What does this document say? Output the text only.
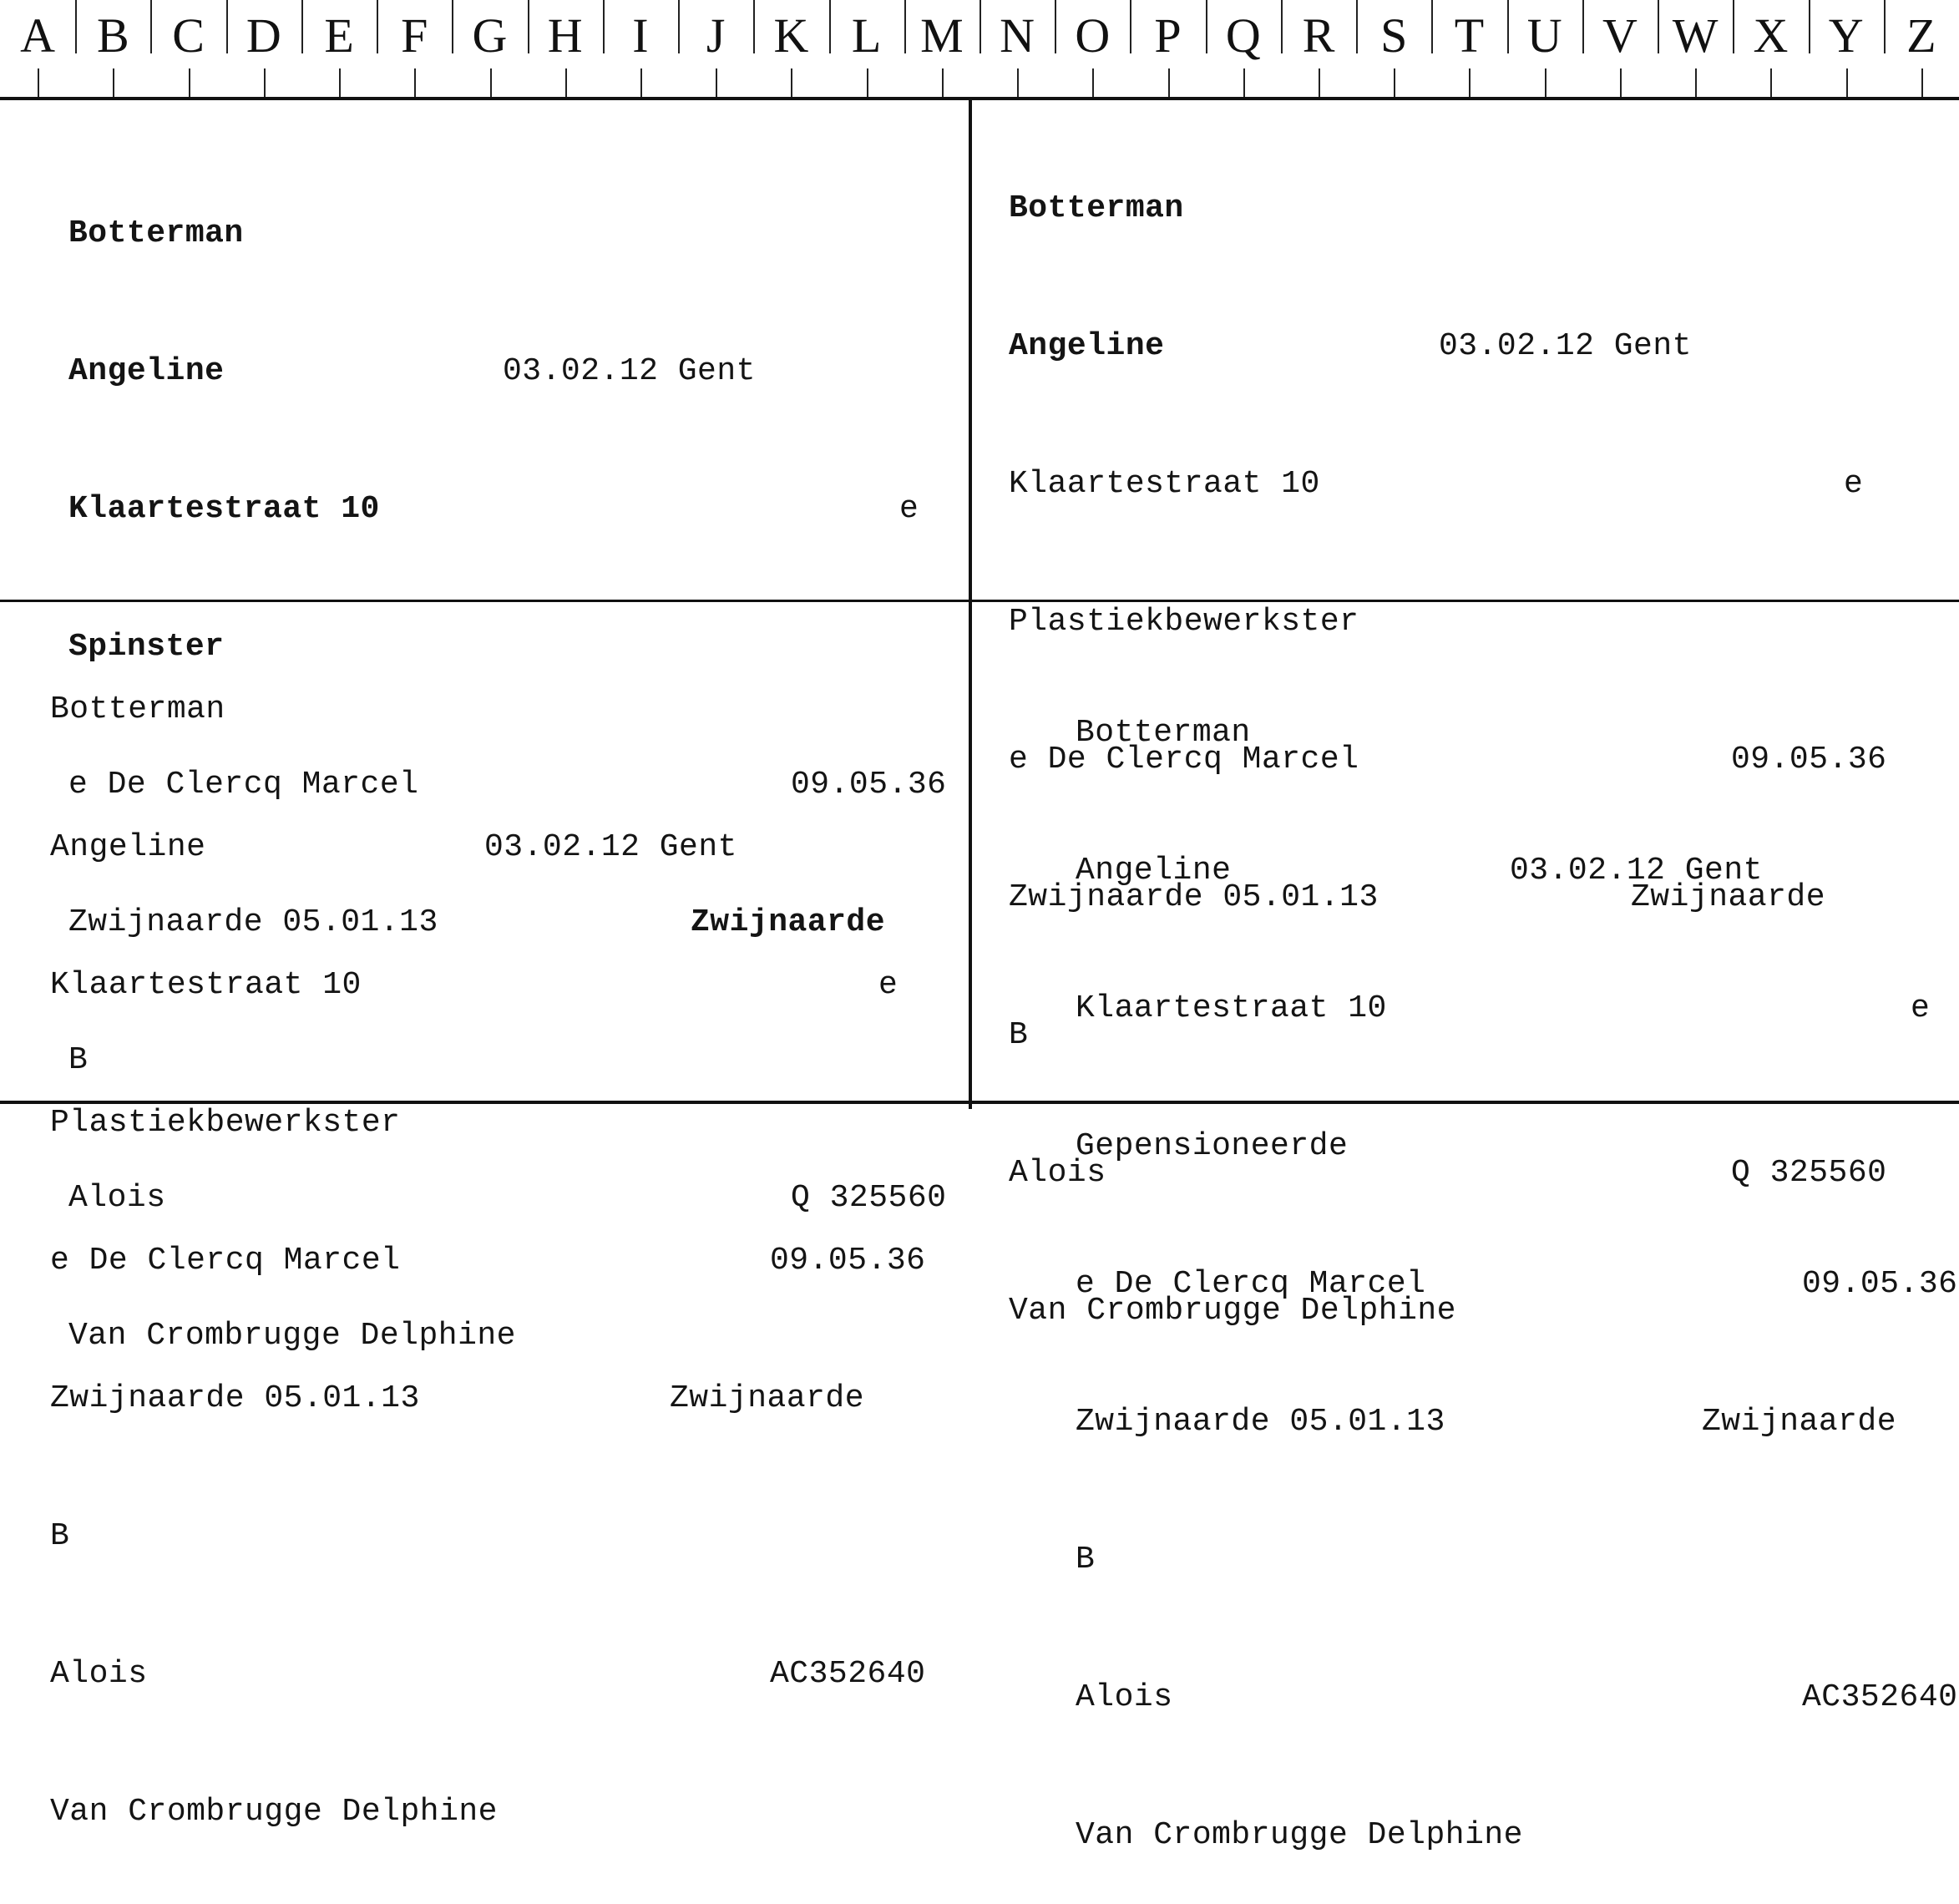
A B C D E F G H I J K L M N O P Q R S T U V W X Y Z

Botterman

Angeline	03.02.12 Gent

Klaartestraat 10	e

Spinster

e De Clercq Marcel	09.05.36

Zwijnaarde 05.01.13	Zwijnaarde

B

Alois	Q 325560

Van Crombrugge Delphine

Botterman

Angeline	03.02.12 Gent

Klaartestraat 10	e

Plastiekbewerkster

e De Clercq Marcel	09.05.36

Zwijnaarde 05.01.13	Zwijnaarde

B

Alois	Q 325560

Van Crombrugge Delphine

Botterman

Angeline	03.02.12 Gent

Klaartestraat 10	e

Plastiekbewerkster

e De Clercq Marcel	09.05.36

Zwijnaarde 05.01.13	Zwijnaarde

B

Alois	AC352640

Van Crombrugge Delphine

Botterman

Angeline	03.02.12 Gent

Klaartestraat 10	e

Gepensioneerde

e De Clercq Marcel	09.05.36

Zwijnaarde 05.01.13	Zwijnaarde

B

Alois	AC352640

Van Crombrugge Delphine
